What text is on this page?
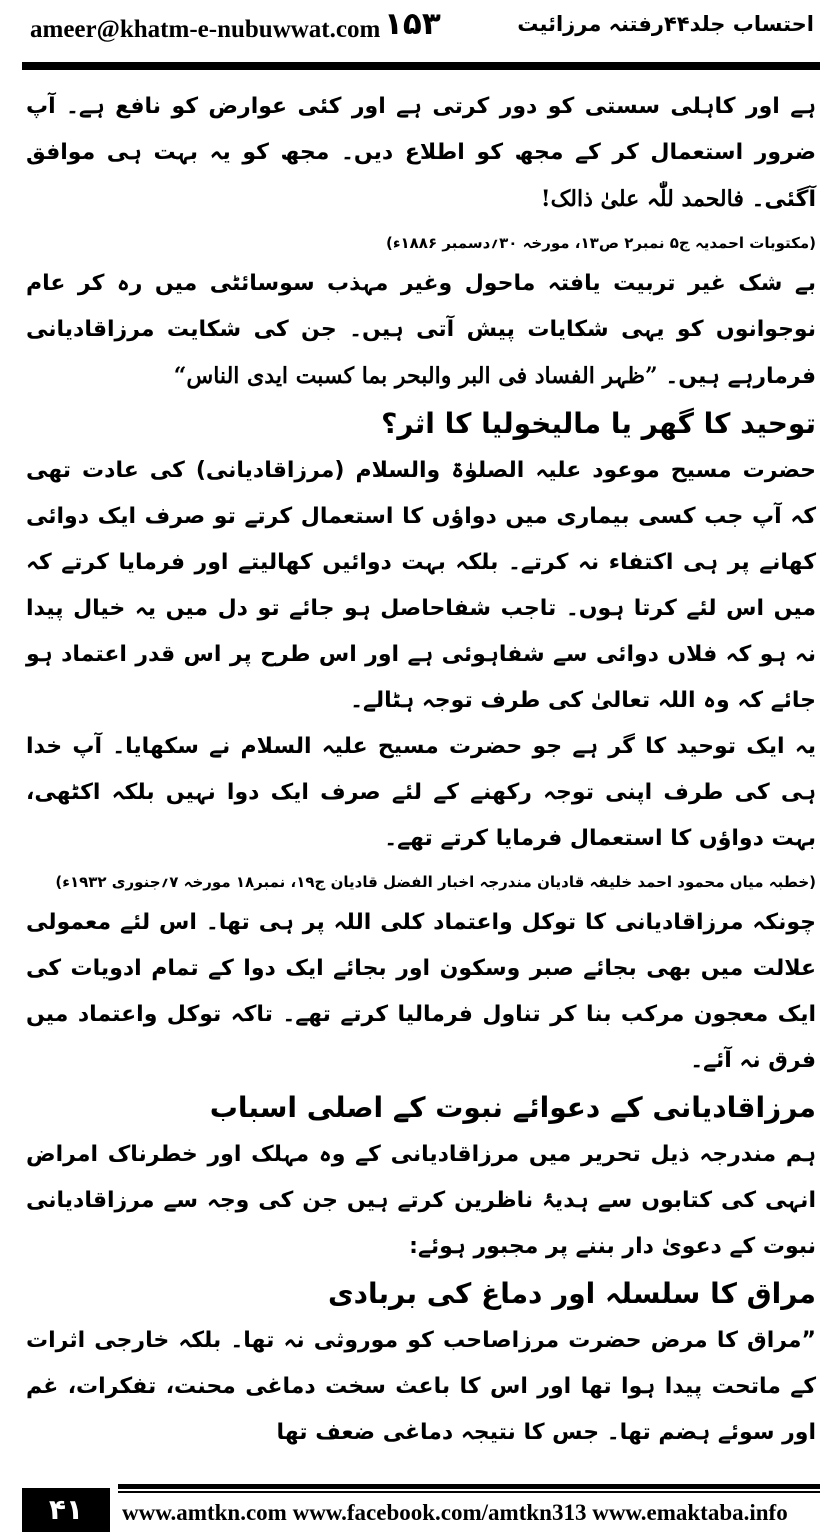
ameer@khatm-e-nubuwwat.com ۱۵۳	احتساب جلد۴۴رفتنہ مرزائیت

ہے اور کاہلی سستی کو دور کرتی ہے اور کئی عوارض کو نافع ہے۔ آپ ضرور استعمال کر کے مجھ کو اطلاع دیں۔ مجھ کو یہ بہت ہی موافق آگئی۔ فالحمد للّٰہ علیٰ ذالک!

(مکتوبات احمدیہ ج۵ نمبر۲ ص۱۳، مورخہ ۳۰؍دسمبر ۱۸۸۶ء)

بے شک غیر تربیت یافتہ ماحول وغیر مہذب سوسائٹی میں رہ کر عام نوجوانوں کو یہی شکایات پیش آتی ہیں۔ جن کی شکایت مرزاقادیانی فرمارہے ہیں۔ ”ظہر الفساد فی البر والبحر بما کسبت ایدی الناس“

توحید کا گھر یا مالیخولیا کا اثر؟

حضرت مسیح موعود علیہ الصلوٰۃ والسلام (مرزاقادیانی) کی عادت تھی کہ آپ جب کسی بیماری میں دواؤں کا استعمال کرتے تو صرف ایک دوائی کھانے پر ہی اکتفاء نہ کرتے۔ بلکہ بہت دوائیں کھالیتے اور فرمایا کرتے کہ میں اس لئے کرتا ہوں۔ تاجب شفاحاصل ہو جائے تو دل میں یہ خیال پیدا نہ ہو کہ فلاں دوائی سے شفاہوئی ہے اور اس طرح پر اس قدر اعتماد ہو جائے کہ وہ اللہ تعالیٰ کی طرف توجہ ہٹالے۔

یہ ایک توحید کا گر ہے جو حضرت مسیح علیہ السلام نے سکھایا۔ آپ خدا ہی کی طرف اپنی توجہ رکھنے کے لئے صرف ایک دوا نہیں بلکہ اکٹھی، بہت دواؤں کا استعمال فرمایا کرتے تھے۔

(خطبہ میاں محمود احمد خلیفہ قادیان مندرجہ اخبار الفضل قادیان ج۱۹، نمبر۱۸ مورخہ ۷؍جنوری ۱۹۳۲ء)

چونکہ مرزاقادیانی کا توکل واعتماد کلی اللہ پر ہی تھا۔ اس لئے معمولی علالت میں بھی بجائے صبر وسکون اور بجائے ایک دوا کے تمام ادویات کی ایک معجون مرکب بنا کر تناول فرمالیا کرتے تھے۔ تاکہ توکل واعتماد میں فرق نہ آئے۔

مرزاقادیانی کے دعوائے نبوت کے اصلی اسباب

ہم مندرجہ ذیل تحریر میں مرزاقادیانی کے وہ مہلک اور خطرناک امراض انہی کی کتابوں سے ہدیۂ ناظرین کرتے ہیں جن کی وجہ سے مرزاقادیانی نبوت کے دعویٰ دار بننے پر مجبور ہوئے:

مراق کا سلسلہ اور دماغ کی بربادی

”مراق کا مرض حضرت مرزاصاحب کو موروثی نہ تھا۔ بلکہ خارجی اثرات کے ماتحت پیدا ہوا تھا اور اس کا باعث سخت دماغی محنت، تفکرات، غم اور سوئے ہضم تھا۔ جس کا نتیجہ دماغی ضعف تھا

۴۱	www.amtkn.com www.facebook.com/amtkn313 www.emaktaba.info
